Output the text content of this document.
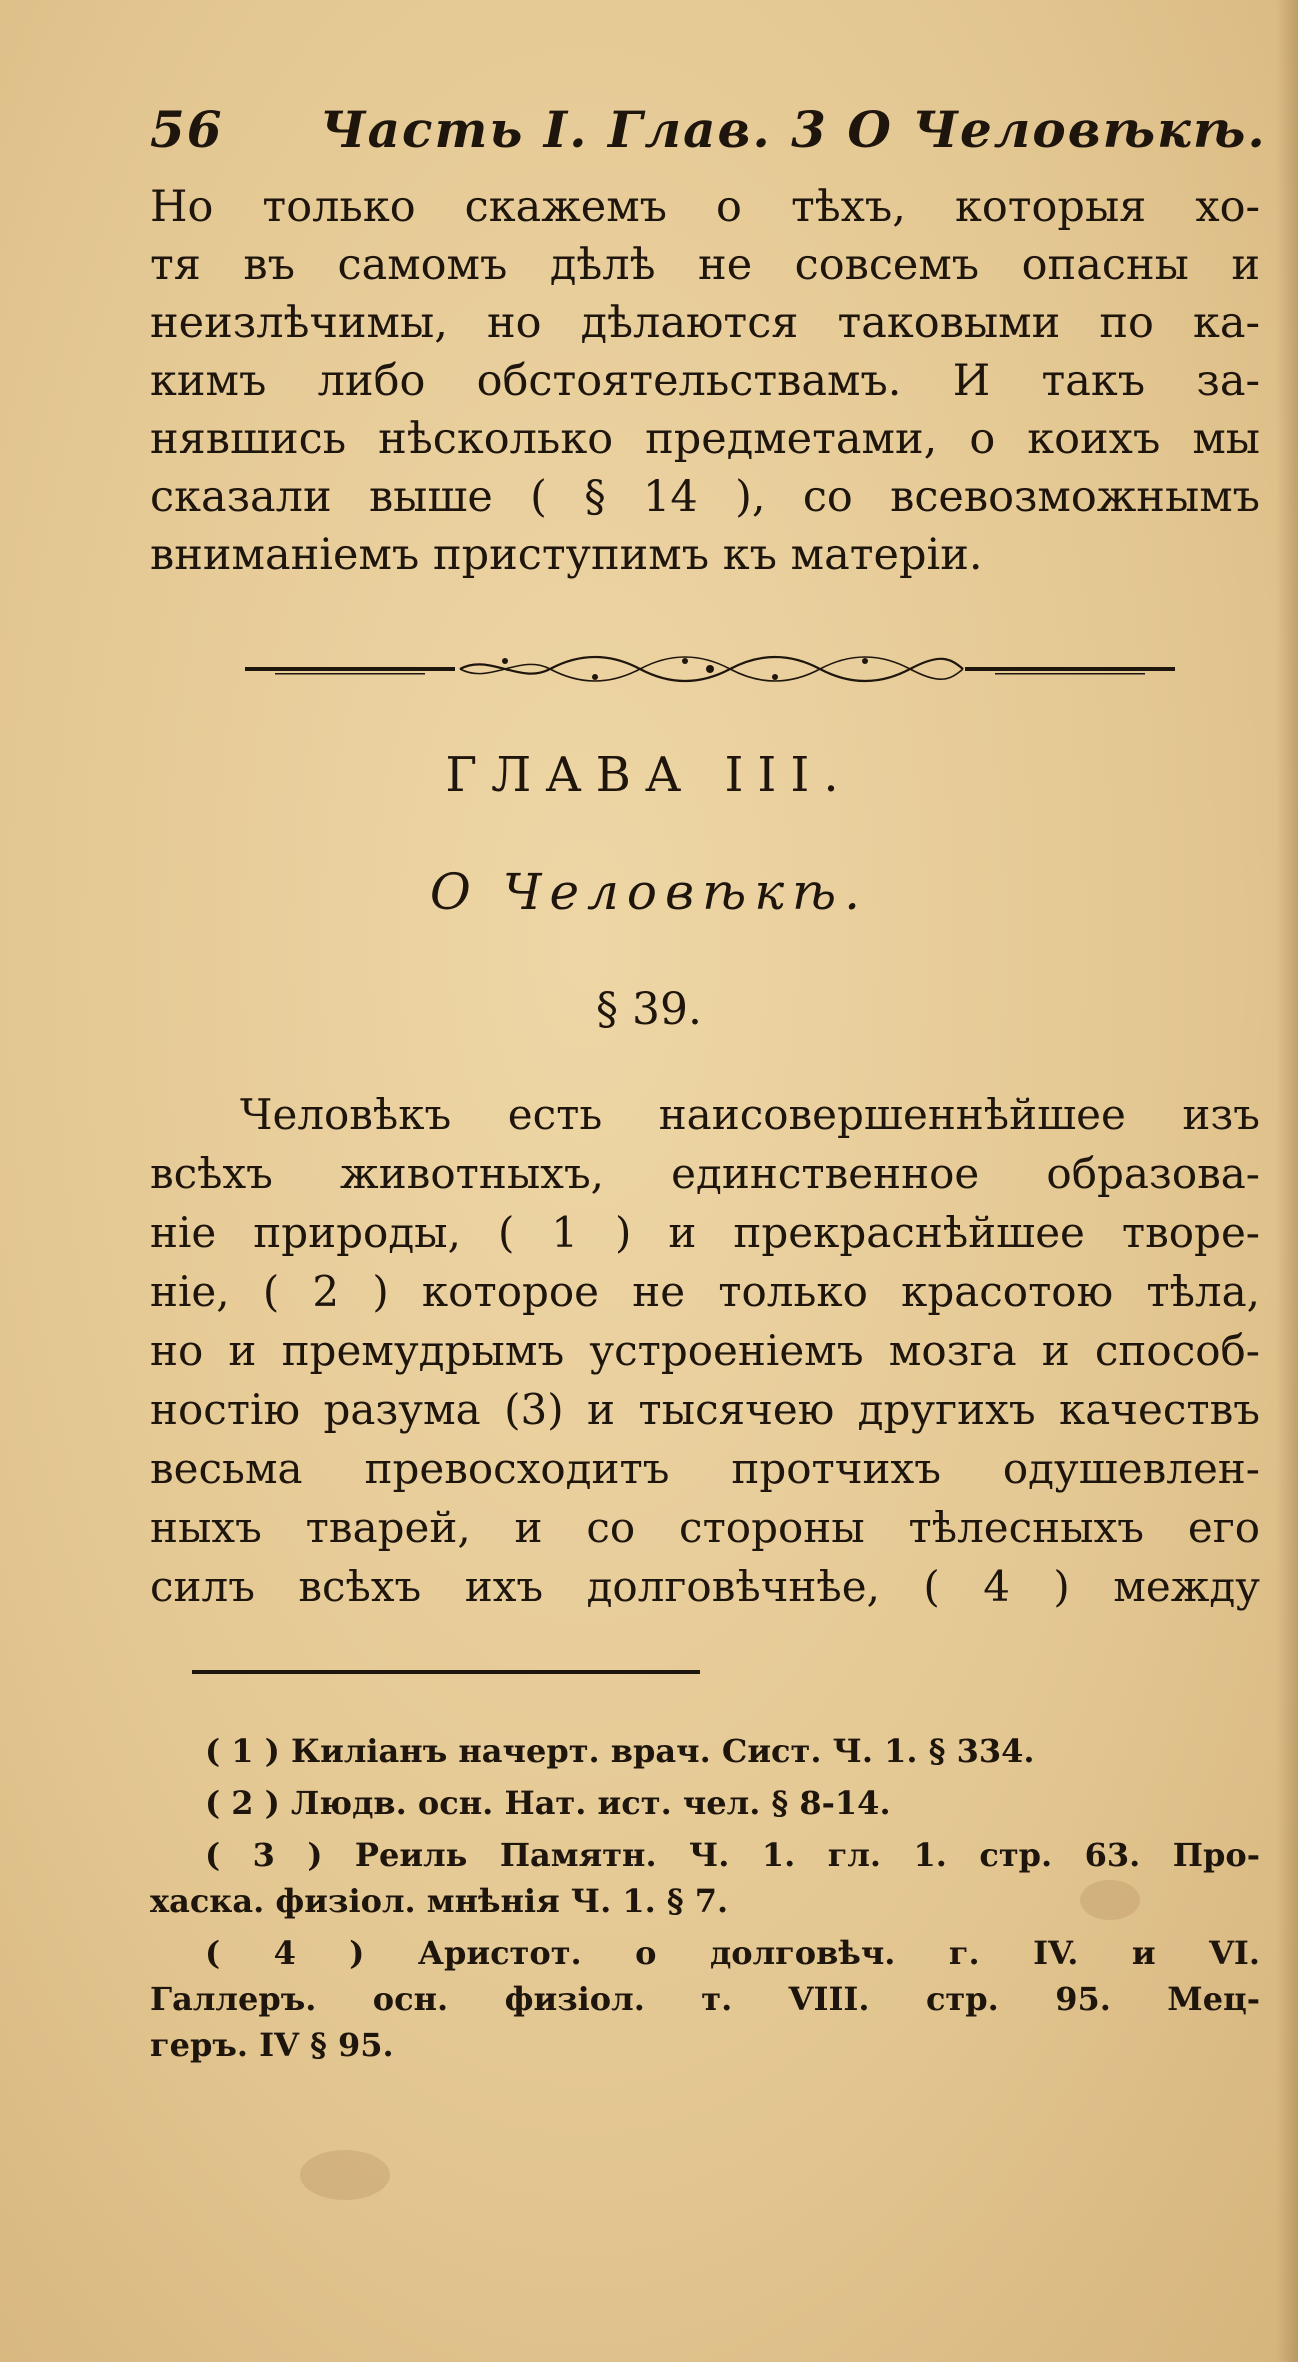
56 Часть I. Глав. 3 О Человѣкѣ.
Но только скажемъ о тѣхъ, которыя хо-
тя въ самомъ дѣлѣ не совсемъ опасны и
неизлѣчимы, но дѣлаются таковыми по ка-
кимъ либо обстоятельствамъ. И такъ за-
нявшись нѣсколько предметами, о коихъ мы
сказали выше ( § 14 ), со всевозможнымъ
вниманіемъ приступимъ къ матеріи.
ГЛАВА III.
О Человѣкѣ.
§ 39.
Человѣкъ есть наисовершеннѣйшее изъ
всѣхъ животныхъ, единственное образова-
ніе природы, ( 1 ) и прекраснѣйшее творе-
ніе, ( 2 ) которое не только красотою тѣла,
но и премудрымъ устроеніемъ мозга и способ-
ностію разума (3) и тысячею другихъ качествъ
весьма превосходитъ протчихъ одушевлен-
ныхъ тварей, и со стороны тѣлесныхъ его
силъ всѣхъ ихъ долговѣчнѣе, ( 4 ) между
( 1 ) Киліанъ начерт. врач. Сист. Ч. 1. § 334.
( 2 ) Людв. осн. Нат. ист. чел. § 8-14.
( 3 ) Реиль Памятн. Ч. 1. гл. 1. стр. 63. Про-
хаска. физіол. мнѣнія Ч. 1. § 7.
( 4 ) Аристот. о долговѣч. г. IV. и VI.
Галлеръ. осн. физіол. т. VIII. стр. 95. Мец-
геръ. IV § 95.
